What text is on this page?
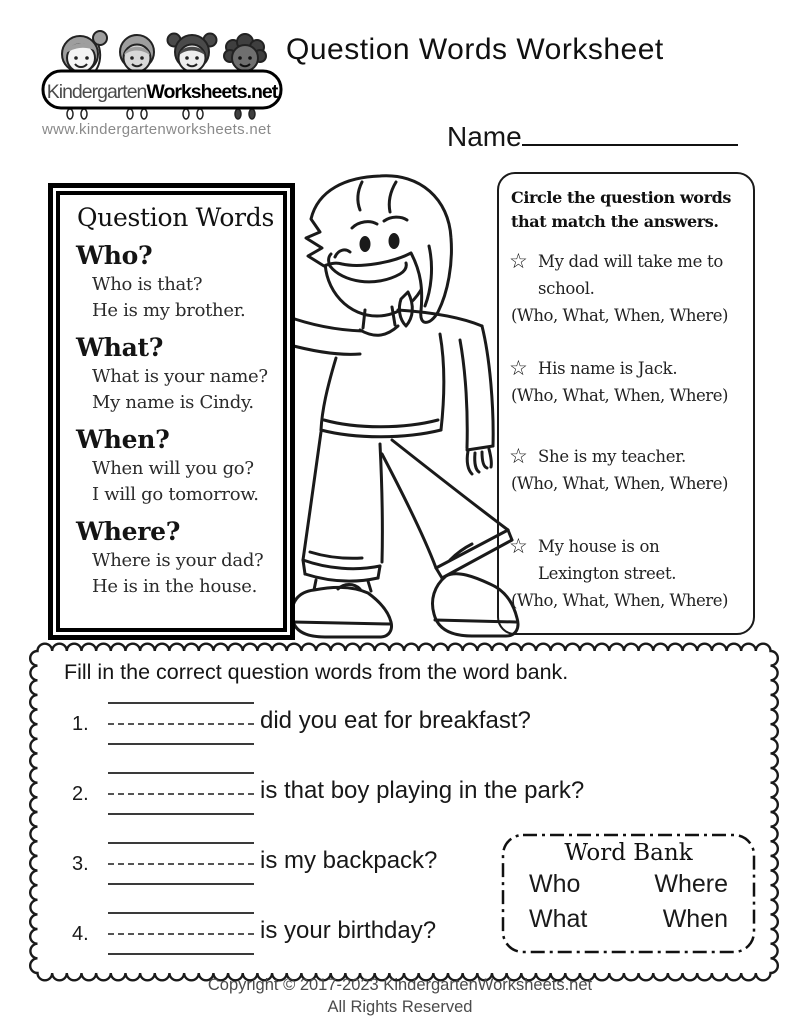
KindergartenWorksheets.net
www.kindergartenworksheets.net
Question Words Worksheet
Name
Question Words
Who?
Who is that?
He is my brother.
What?
What is your name?
My name is Cindy.
When?
When will you go?
I will go tomorrow.
Where?
Where is your dad?
He is in the house.
Circle the question words
that match the answers.
☆ My dad will take me to
school.
(Who, What, When, Where)
☆ His name is Jack.
(Who, What, When, Where)
☆ She is my teacher.
(Who, What, When, Where)
☆ My house is on
Lexington street.
(Who, What, When, Where)
Fill in the correct question words from the word bank.
1.	did you eat for breakfast?
2.	is that boy playing in the park?
3.	is my backpack?
4.	is your birthday?
Word Bank
Who	Where
What	When
Copyright © 2017-2023 KindergartenWorksheets.net
All Rights Reserved
